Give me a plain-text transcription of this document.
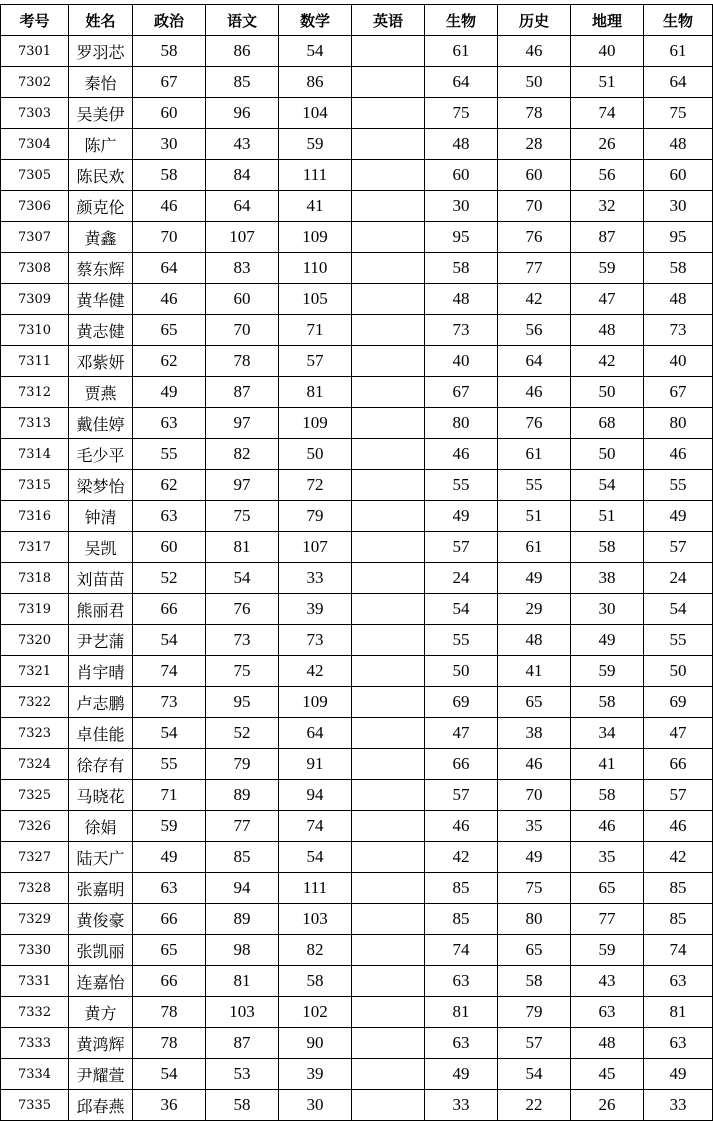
考号	姓名	政治	语文	数学	英语	生物	历史	地理	生物
7301	罗羽芯	58	86	54		61	46	40	61
7302	秦怡	67	85	86		64	50	51	64
7303	吴美伊	60	96	104		75	78	74	75
7304	陈广	30	43	59		48	28	26	48
7305	陈民欢	58	84	111		60	60	56	60
7306	颜克伦	46	64	41		30	70	32	30
7307	黄鑫	70	107	109		95	76	87	95
7308	蔡东辉	64	83	110		58	77	59	58
7309	黄华健	46	60	105		48	42	47	48
7310	黄志健	65	70	71		73	56	48	73
7311	邓紫妍	62	78	57		40	64	42	40
7312	贾燕	49	87	81		67	46	50	67
7313	戴佳婷	63	97	109		80	76	68	80
7314	毛少平	55	82	50		46	61	50	46
7315	梁梦怡	62	97	72		55	55	54	55
7316	钟清	63	75	79		49	51	51	49
7317	吴凯	60	81	107		57	61	58	57
7318	刘苗苗	52	54	33		24	49	38	24
7319	熊丽君	66	76	39		54	29	30	54
7320	尹艺蒲	54	73	73		55	48	49	55
7321	肖宇晴	74	75	42		50	41	59	50
7322	卢志鹏	73	95	109		69	65	58	69
7323	卓佳能	54	52	64		47	38	34	47
7324	徐存有	55	79	91		66	46	41	66
7325	马晓花	71	89	94		57	70	58	57
7326	徐娟	59	77	74		46	35	46	46
7327	陆天广	49	85	54		42	49	35	42
7328	张嘉明	63	94	111		85	75	65	85
7329	黄俊豪	66	89	103		85	80	77	85
7330	张凯丽	65	98	82		74	65	59	74
7331	连嘉怡	66	81	58		63	58	43	63
7332	黄方	78	103	102		81	79	63	81
7333	黄鸿辉	78	87	90		63	57	48	63
7334	尹耀萱	54	53	39		49	54	45	49
7335	邱春燕	36	58	30		33	22	26	33
